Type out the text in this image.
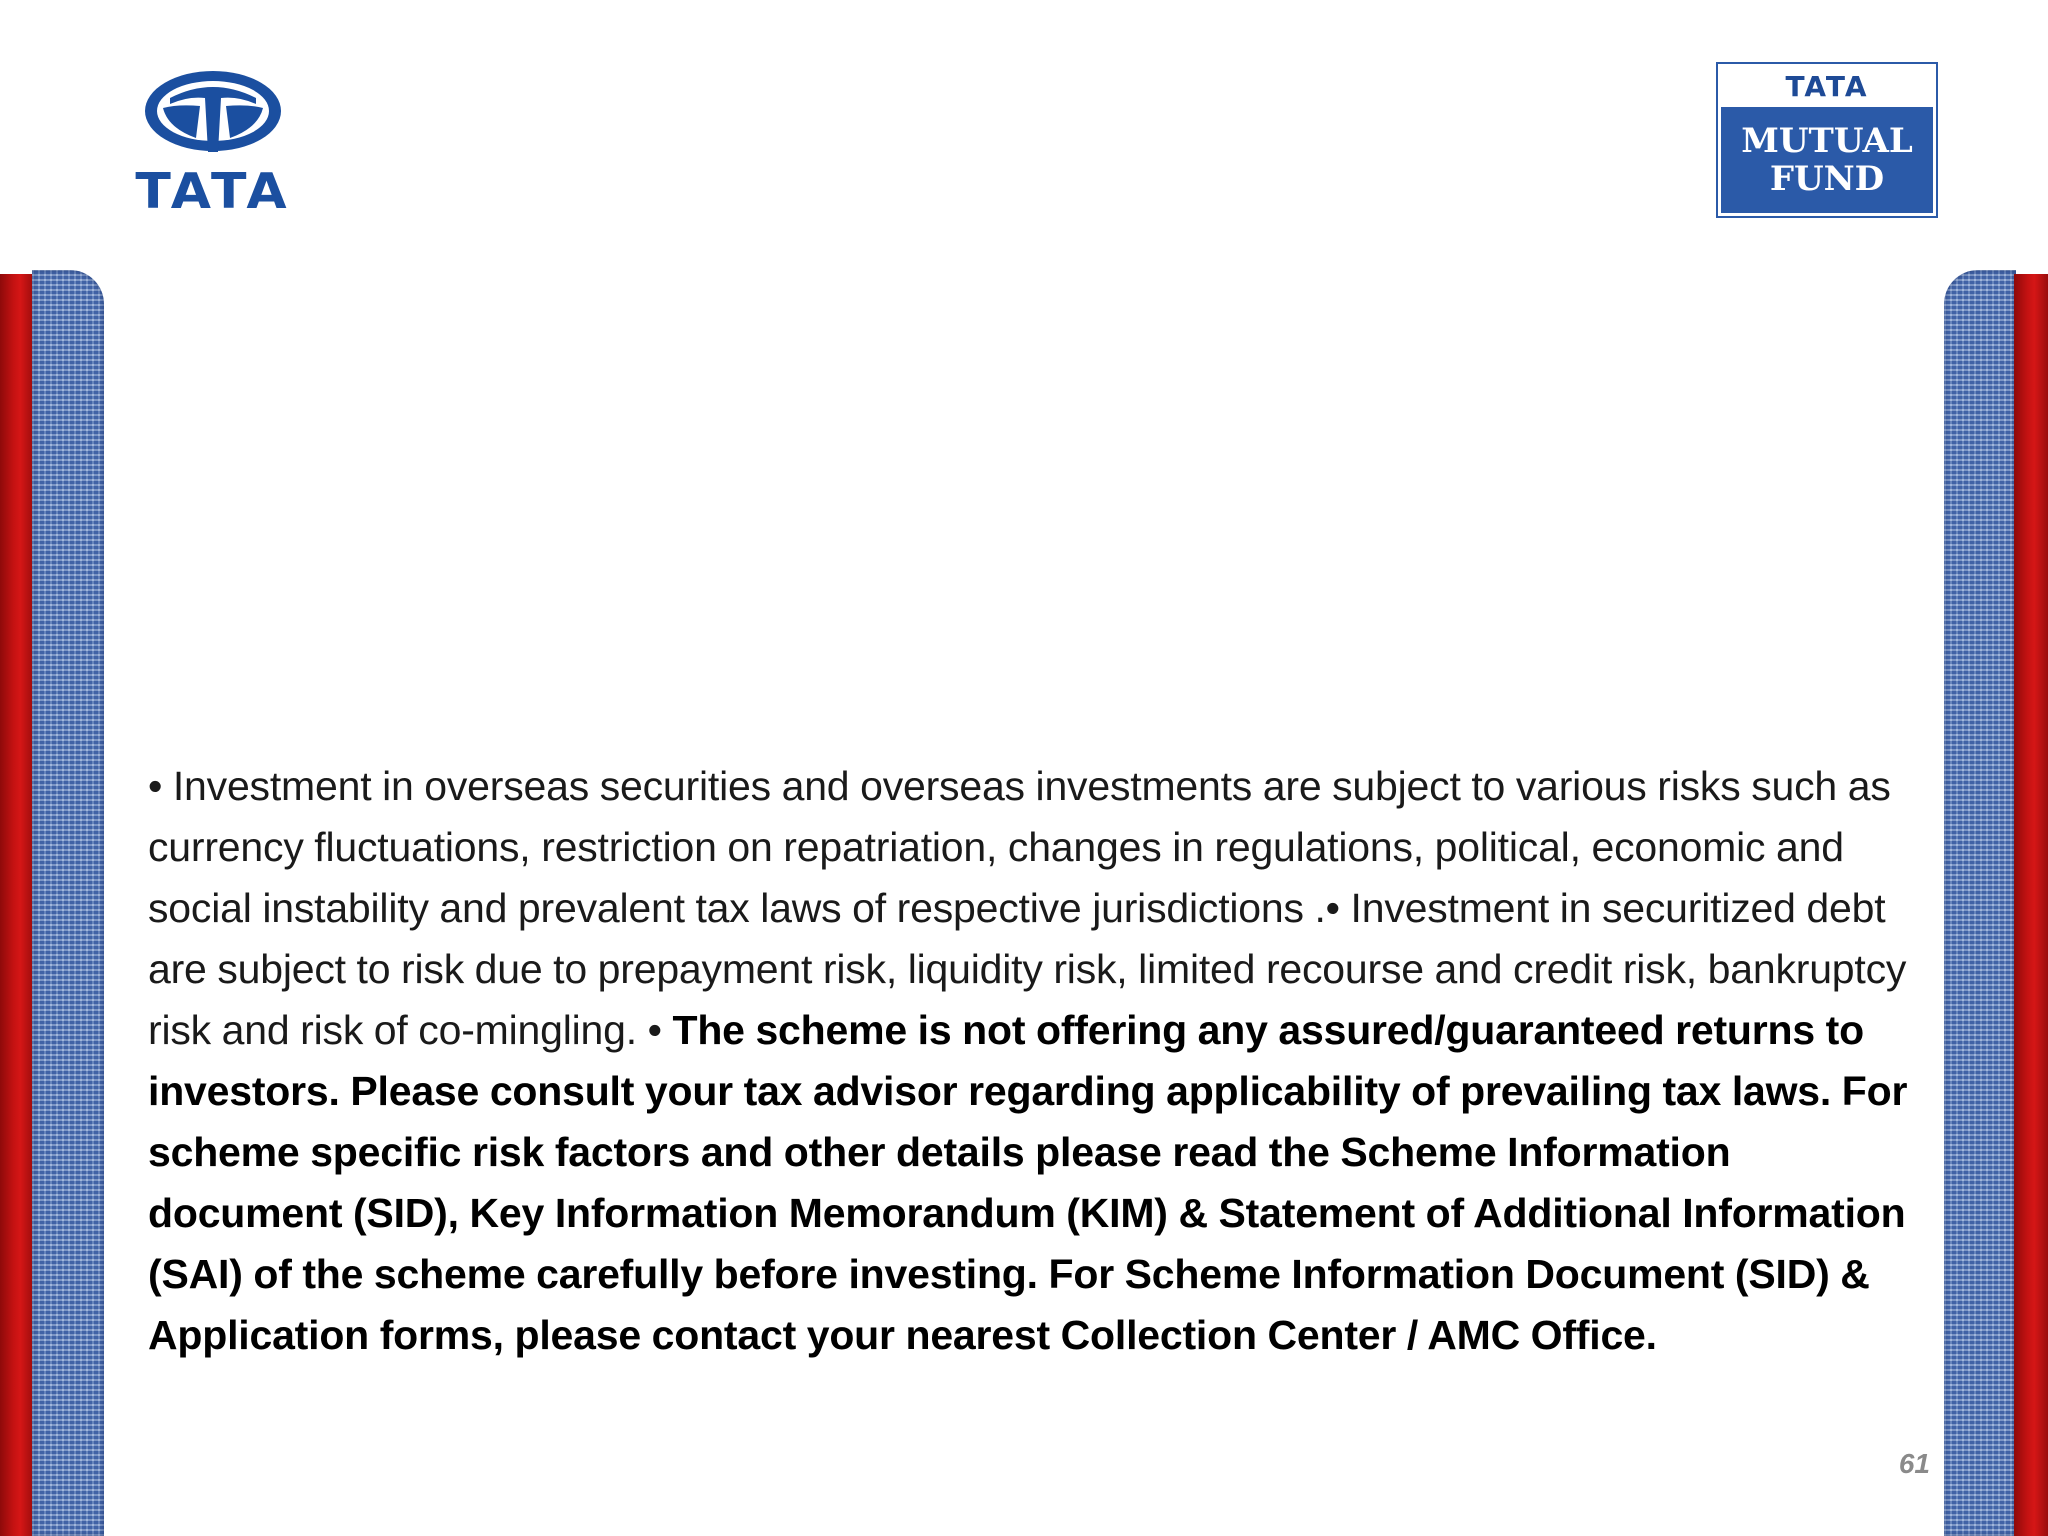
TATA
TATA
MUTUAL
FUND
• Investment in overseas securities and overseas investments are subject to various risks such as currency fluctuations, restriction on repatriation, changes in regulations, political, economic and social instability and prevalent tax laws of respective jurisdictions .• Investment in securitized debt are subject to risk due to prepayment risk, liquidity risk, limited recourse and credit risk, bankruptcy risk and risk of co-mingling. • The scheme is not offering any assured/guaranteed returns to investors. Please consult your tax advisor regarding applicability of prevailing tax laws. For scheme specific risk factors and other details please read the Scheme Information document (SID), Key Information Memorandum (KIM) & Statement of Additional Information (SAI) of the scheme carefully before investing. For Scheme Information Document (SID) & Application forms, please contact your nearest Collection Center / AMC Office.
61
